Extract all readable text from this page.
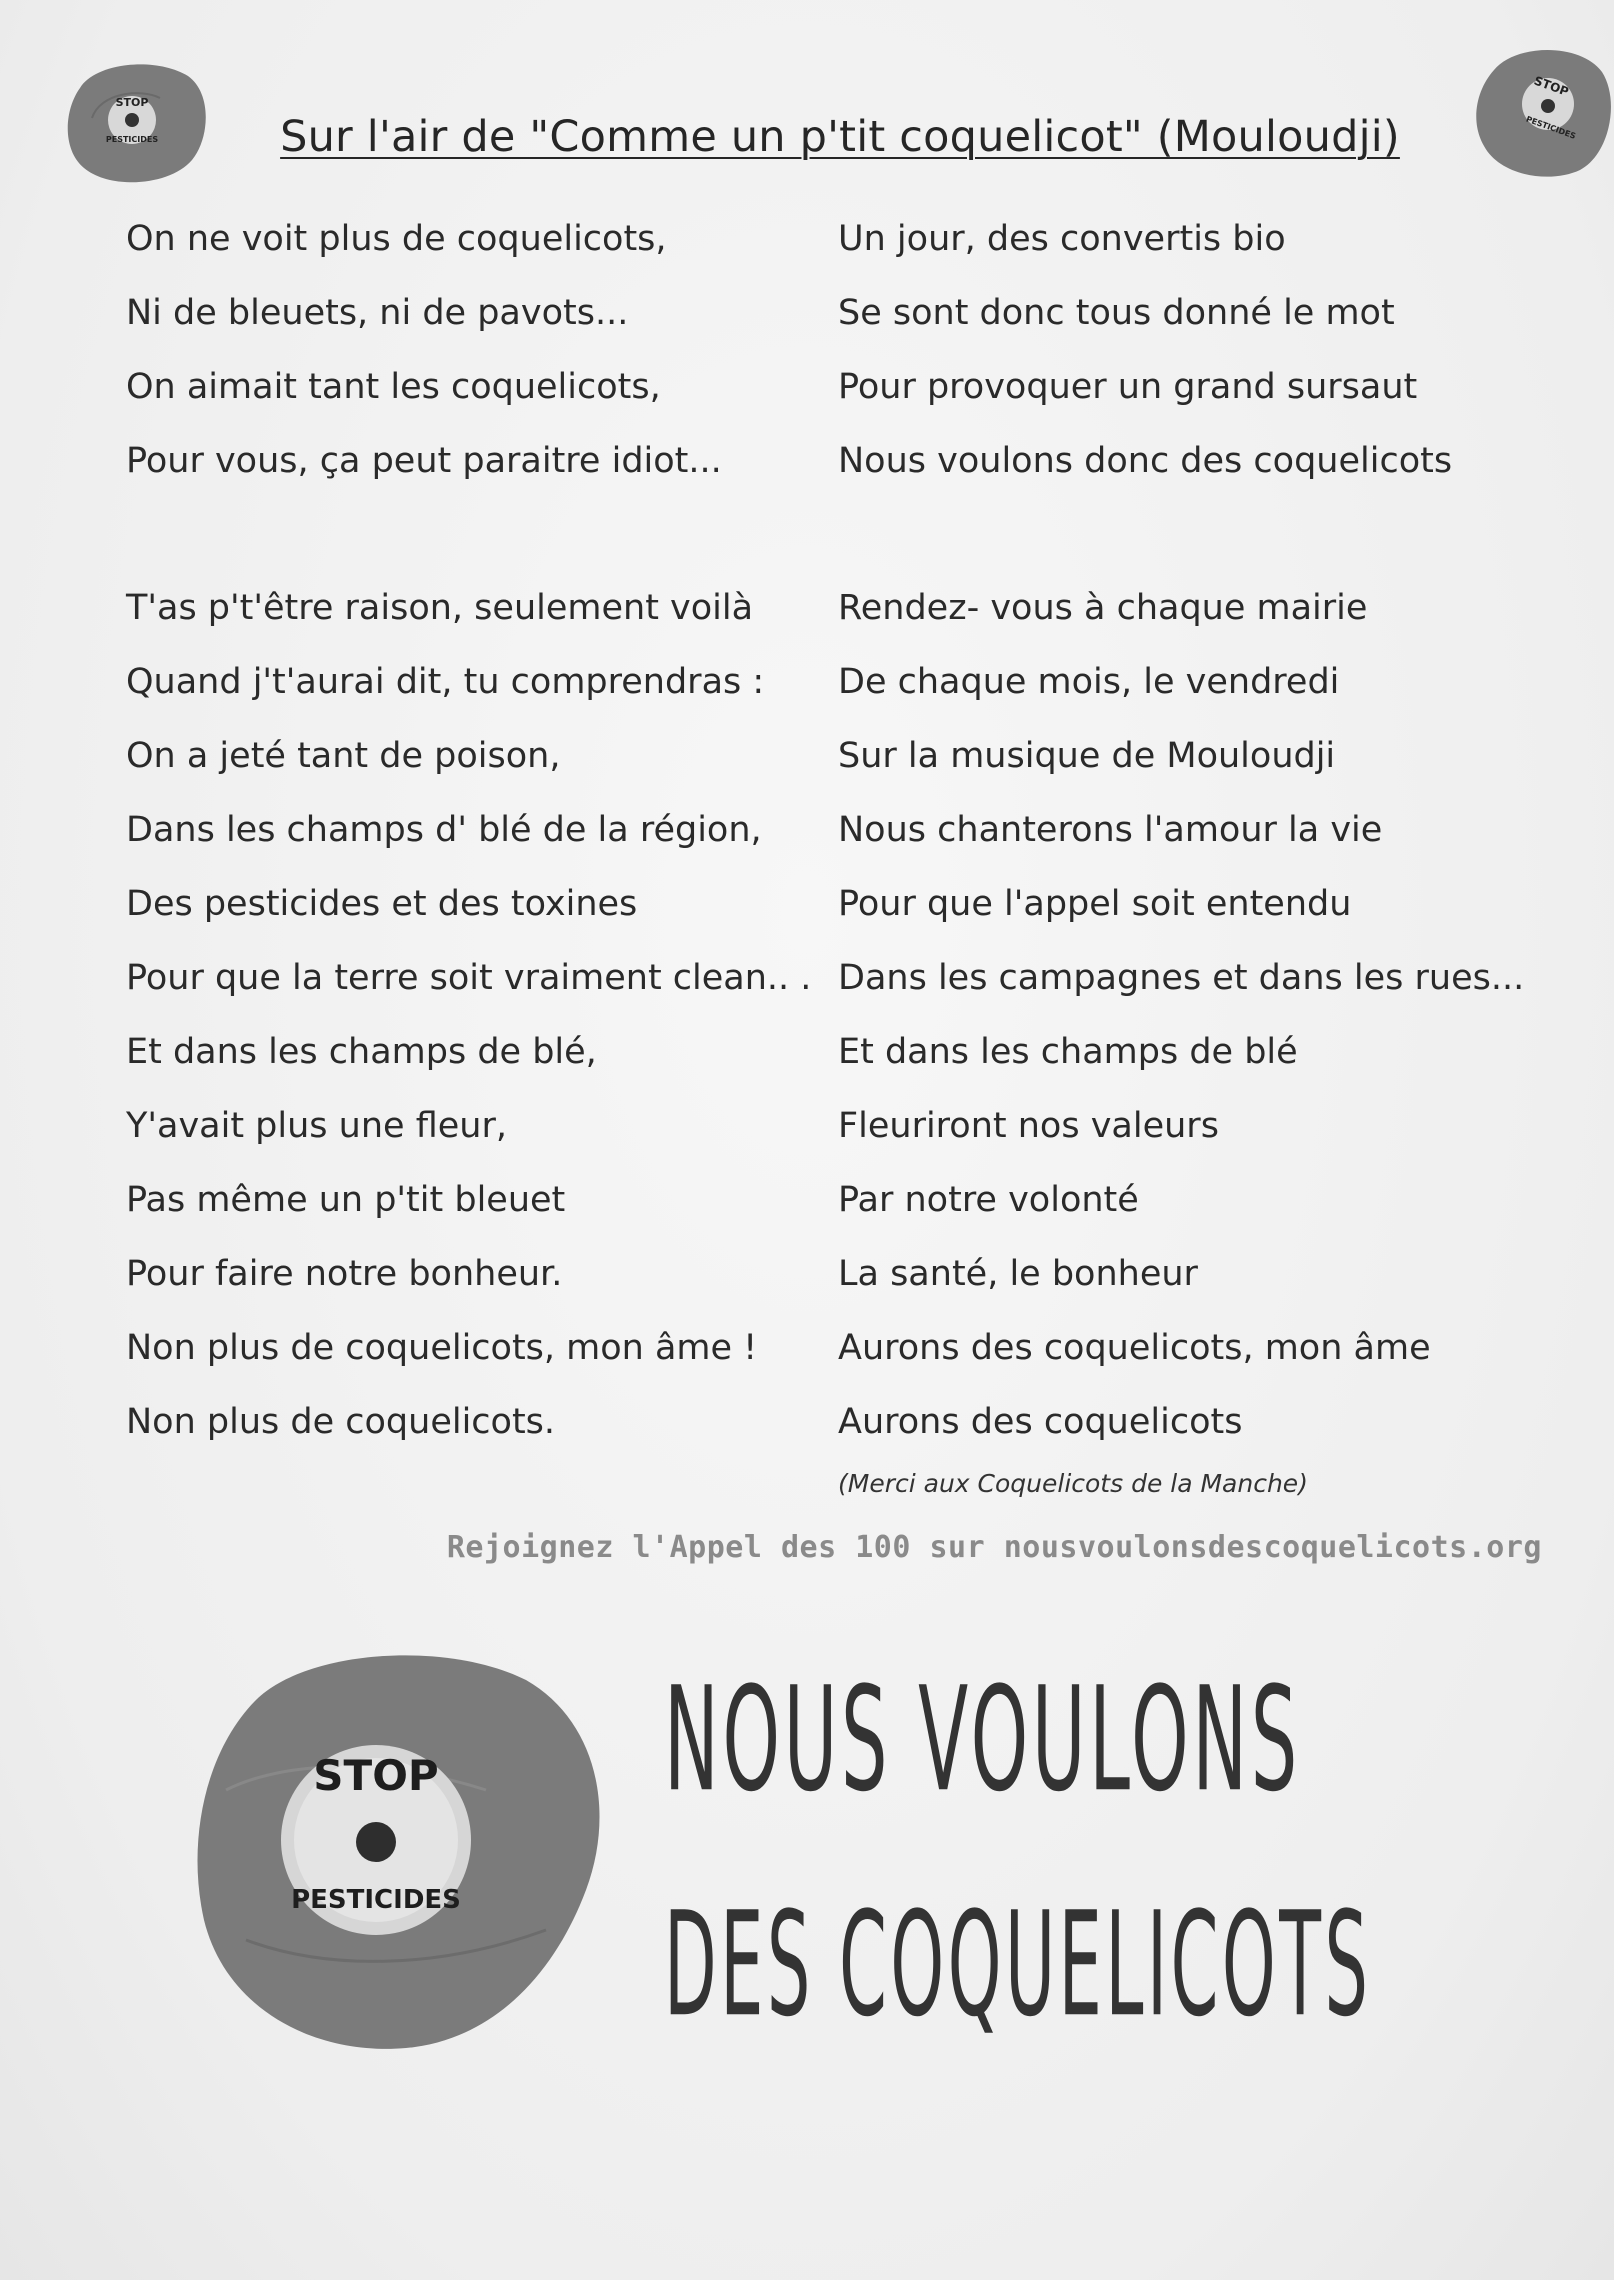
STOP
PESTICIDES
STOP
PESTICIDES
Sur l'air de "Comme un p'tit coquelicot" (Mouloudji)
On ne voit plus de coquelicots,
Ni de bleuets, ni de pavots...
On aimait tant les coquelicots,
Pour vous, ça peut paraitre idiot...
T'as p't'être raison, seulement voilà
Quand j't'aurai dit, tu comprendras :
On a jeté tant de poison,
Dans les champs d' blé de la région,
Des pesticides et des toxines
Pour que la terre soit vraiment clean.. .
Et dans les champs de blé,
Y'avait plus une fleur,
Pas même un p'tit bleuet
Pour faire notre bonheur.
Non plus de coquelicots, mon âme !
Non plus de coquelicots.
Un jour, des convertis bio
Se sont donc tous donné le mot
Pour provoquer un grand sursaut
Nous voulons donc des coquelicots
Rendez- vous à chaque mairie
De chaque mois, le vendredi
Sur la musique de Mouloudji
Nous chanterons l'amour la vie
Pour que l'appel soit entendu
Dans les campagnes et dans les rues...
Et dans les champs de blé
Fleuriront nos valeurs
Par notre volonté
La santé, le bonheur
Aurons des coquelicots, mon âme
Aurons des coquelicots
(Merci aux Coquelicots de la Manche)
Rejoignez l'Appel des 100 sur nousvoulonsdescoquelicots.org
STOP
PESTICIDES
NOUS VOULONS
DES COQUELICOTS
